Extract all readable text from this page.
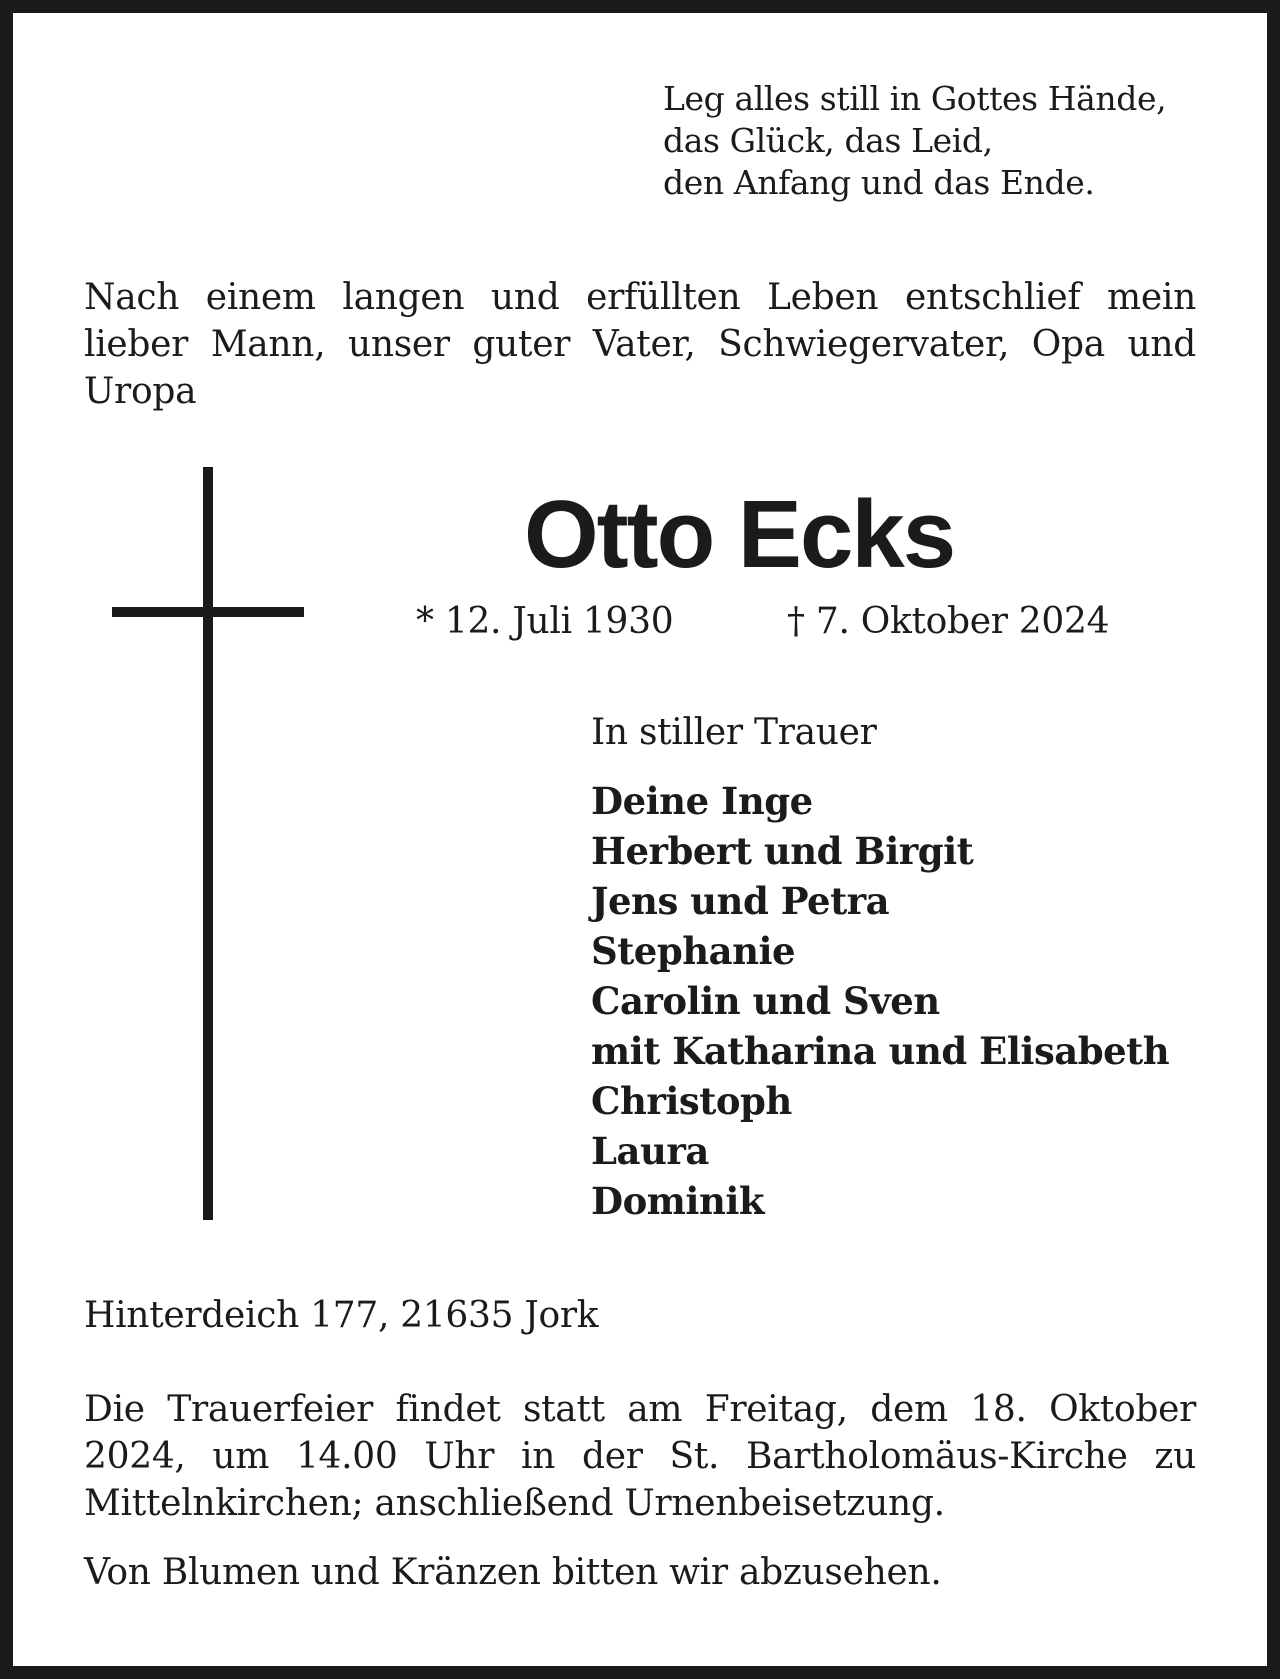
Leg alles still in Gottes Hände,
das Glück, das Leid,
den Anfang und das Ende.
Nach einem langen und erfüllten Leben entschlief mein lieber Mann, unser guter Vater, Schwiegervater, Opa und Uropa
Otto Ecks
* 12. Juli 1930	† 7. Oktober 2024
In stiller Trauer
Deine Inge
Herbert und Birgit
Jens und Petra
Stephanie
Carolin und Sven
mit Katharina und Elisabeth
Christoph
Laura
Dominik
Hinterdeich 177, 21635 Jork
Die Trauerfeier findet statt am Freitag, dem 18. Oktober 2024, um 14.00 Uhr in der St. Bartholomäus-Kirche zu Mittelnkirchen; anschließend Urnenbeisetzung.
Von Blumen und Kränzen bitten wir abzusehen.
